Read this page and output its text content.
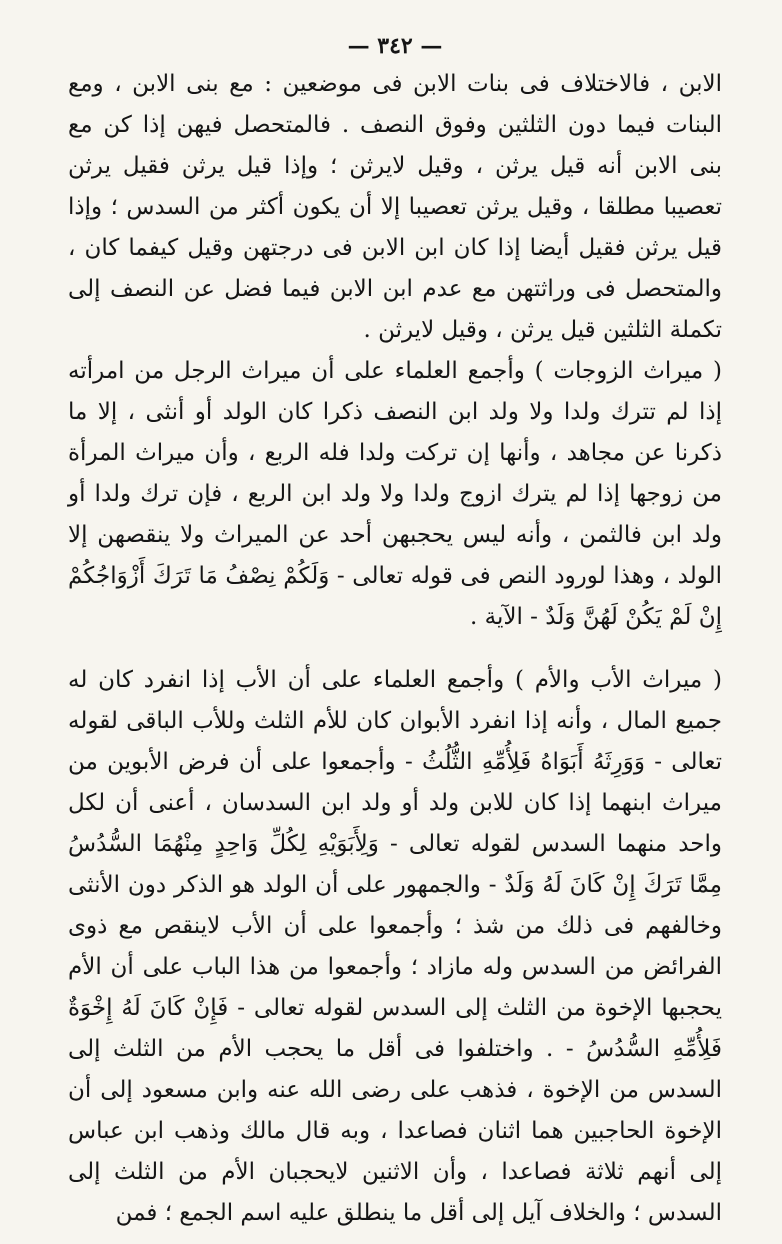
— ٣٤٢ —

الابن ، فالاختلاف فى بنات الابن فى موضعين : مع بنى الابن ، ومع البنات فيما دون الثلثين وفوق النصف . فالمتحصل فيهن إذا كن مع بنى الابن أنه قيل يرثن ، وقيل لايرثن ؛ وإذا قيل يرثن فقيل يرثن تعصيبا مطلقا ، وقيل يرثن تعصيبا إلا أن يكون أكثر من السدس ؛ وإذا قيل يرثن فقيل أيضا إذا كان ابن الابن فى درجتهن وقيل كيفما كان ، والمتحصل فى وراثتهن مع عدم ابن الابن فيما فضل عن النصف إلى تكملة الثلثين قيل يرثن ، وقيل لايرثن .

( ميراث الزوجات ) وأجمع العلماء على أن ميراث الرجل من امرأته إذا لم تترك ولدا ولا ولد ابن النصف ذكرا كان الولد أو أنثى ، إلا ما ذكرنا عن مجاهد ، وأنها إن تركت ولدا فله الربع ، وأن ميراث المرأة من زوجها إذا لم يترك ازوج ولدا ولا ولد ابن الربع ، فإن ترك ولدا أو ولد ابن فالثمن ، وأنه ليس يحجبهن أحد عن الميراث ولا ينقصهن إلا الولد ، وهذا لورود النص فى قوله تعالى - وَلَكُمْ نِصْفُ مَا تَرَكَ أَزْوَاجُكُمْ إِنْ لَمْ يَكُنْ لَهُنَّ وَلَدٌ - الآية .

( ميراث الأب والأم ) وأجمع العلماء على أن الأب إذا انفرد كان له جميع المال ، وأنه إذا انفرد الأبوان كان للأم الثلث وللأب الباقى لقوله تعالى - وَوَرِثَهُ أَبَوَاهُ فَلِأُمِّهِ الثُّلُثُ - وأجمعوا على أن فرض الأبوين من ميراث ابنهما إذا كان للابن ولد أو ولد ابن السدسان ، أعنى أن لكل واحد منهما السدس لقوله تعالى - وَلِأَبَوَيْهِ لِكُلِّ وَاحِدٍ مِنْهُمَا السُّدُسُ مِمَّا تَرَكَ إِنْ كَانَ لَهُ وَلَدٌ - والجمهور على أن الولد هو الذكر دون الأنثى وخالفهم فى ذلك من شذ ؛ وأجمعوا على أن الأب لاينقص مع ذوى الفرائض من السدس وله مازاد ؛ وأجمعوا من هذا الباب على أن الأم يحجبها الإخوة من الثلث إلى السدس لقوله تعالى - فَإِنْ كَانَ لَهُ إِخْوَةٌ فَلِأُمِّهِ السُّدُسُ - . واختلفوا فى أقل ما يحجب الأم من الثلث إلى السدس من الإخوة ، فذهب على رضى الله عنه وابن مسعود إلى أن الإخوة الحاجبين هما اثنان فصاعدا ، وبه قال مالك وذهب ابن عباس إلى أنهم ثلاثة فصاعدا ، وأن الاثنين لايحجبان الأم من الثلث إلى السدس ؛ والخلاف آيل إلى أقل ما ينطلق عليه اسم الجمع ؛ فمن
